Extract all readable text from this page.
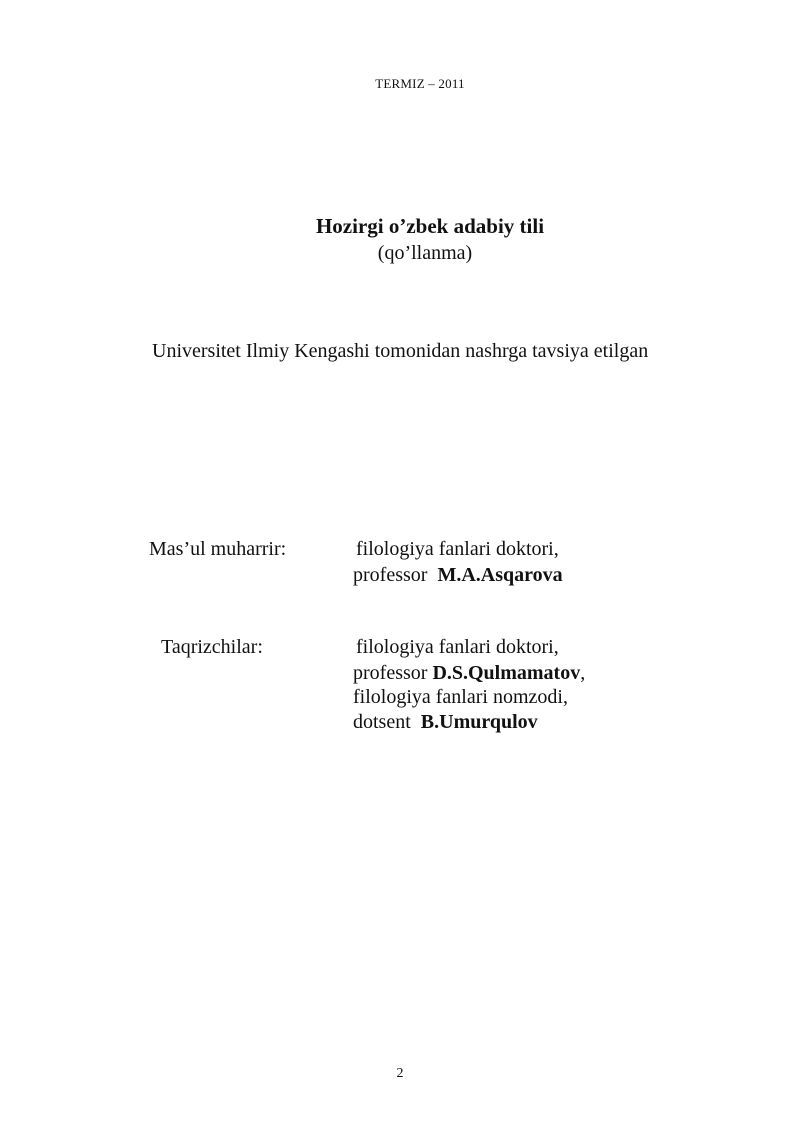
TERMIZ – 2011
Hozirgi o’zbek adabiy tili
(qo’llanma)
Universitet Ilmiy Kengashi tomonidan nashrga tavsiya etilgan
Mas’ul muharrir:	filologiya fanlari doktori,
professor M.A.Asqarova
Taqrizchilar:	filologiya fanlari doktori,
professor D.S.Qulmamatov,
filologiya fanlari nomzodi,
dotsent B.Umurqulov
2
